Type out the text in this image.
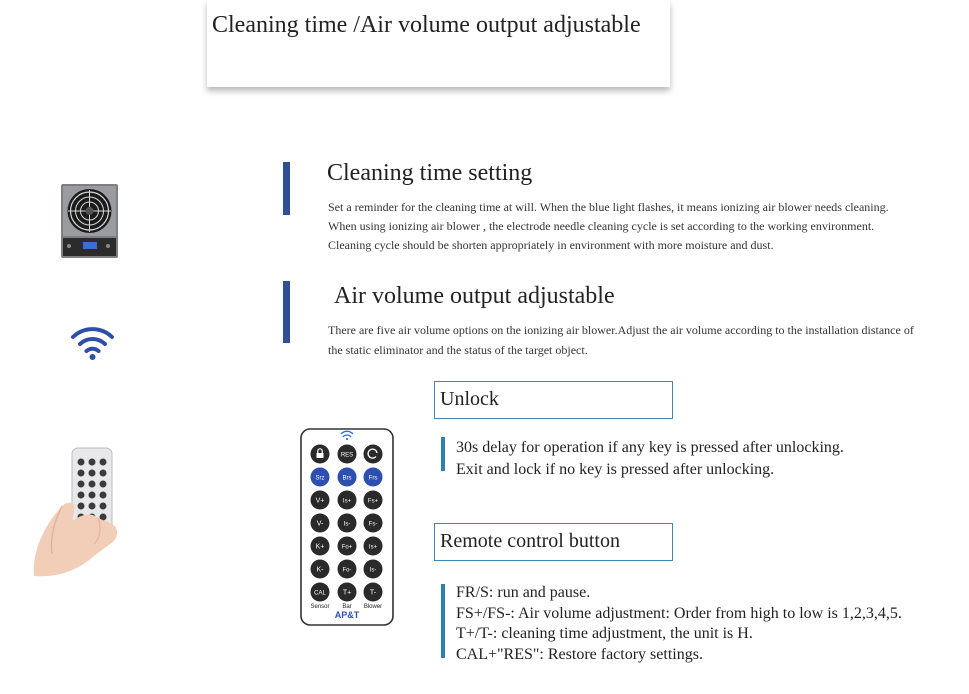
Cleaning time /Air volume output adjustable
RES
Srz	Brs	Frs
V+	Is+	Fs+
V-	Is-	Fs-
K+	Fo+	Is+
K-	Fo-	Is-
CAL T+	T-
Sensor Bar Blower
AP&T
Cleaning time setting
Set a reminder for the cleaning time at will. When the blue light flashes, it means ionizing air blower needs cleaning.
When using ionizing air blower , the electrode needle cleaning cycle is set according to the working environment.
Cleaning cycle should be shorten appropriately in environment with more moisture and dust.
Air volume output adjustable
There are five air volume options on the ionizing air blower.Adjust the air volume according to the installation distance of
the static eliminator and the status of the target object.
Unlock
30s delay for operation if any key is pressed after unlocking.
Exit and lock if no key is pressed after unlocking.
Remote control button
FR/S: run and pause.
FS+/FS-: Air volume adjustment: Order from high to low is 1,2,3,4,5.
T+/T-: cleaning time adjustment, the unit is H.
CAL+"RES": Restore factory settings.
